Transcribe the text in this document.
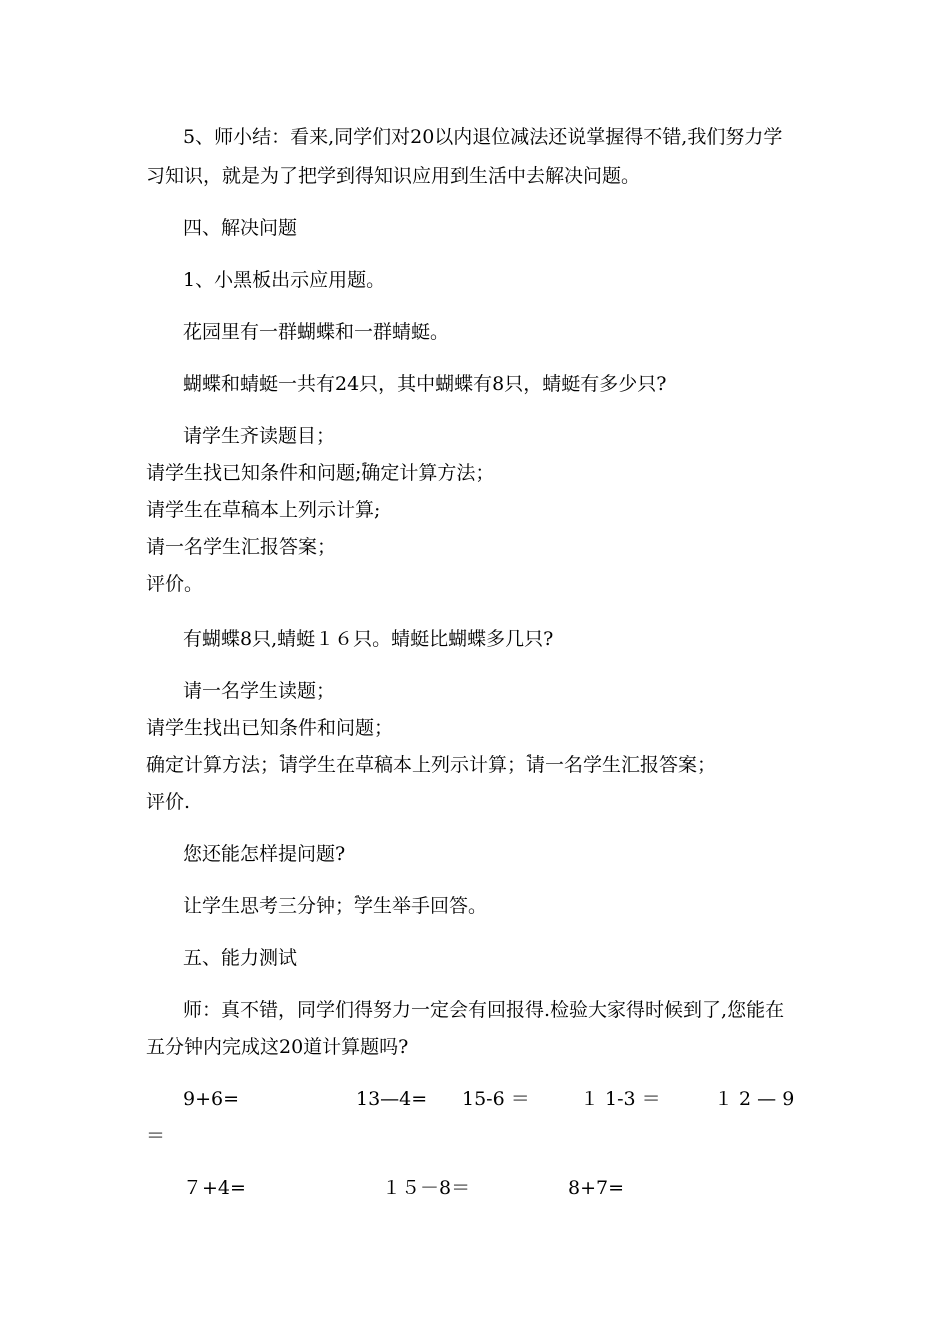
5、师小结：看来,同学们对20以内退位减法还说掌握得不错,我们努力学
习知识，就是为了把学到得知识应用到生活中去解决问题。
四、解决问题
1、小黑板出示应用题。
花园里有一群蝴蝶和一群蜻蜓。
蝴蝶和蜻蜓一共有24只，其中蝴蝶有8只，蜻蜓有多少只?
请学生齐读题目；
请学生找已知条件和问题;ؐ确定计算方法；
请学生在草稿本上列示计算;
请一名学生汇报答案；
评价。
有蝴蝶8只,蜻蜓１６只。蜻蜓比蝴蝶多几只?
请一名学生读题；
请学生找出已知条件和问题；
确定计算方法；ؐ请学生在草稿本上列示计算；ؐ请一名学生汇报答案；
评价.
您还能怎样提问题?
让学生思考三分钟；ؐ学生举手回答。
五、能力测试
师：真不错，同学们得努力一定会有回报得.检验大家得时候到了,您能在
五分钟内完成这20道计算题吗?
9+6=	13—4= 15-6 ＝	１ 1-3 ＝	１ 2 — 9
＝
７+4=	１５－8＝	8+7=
